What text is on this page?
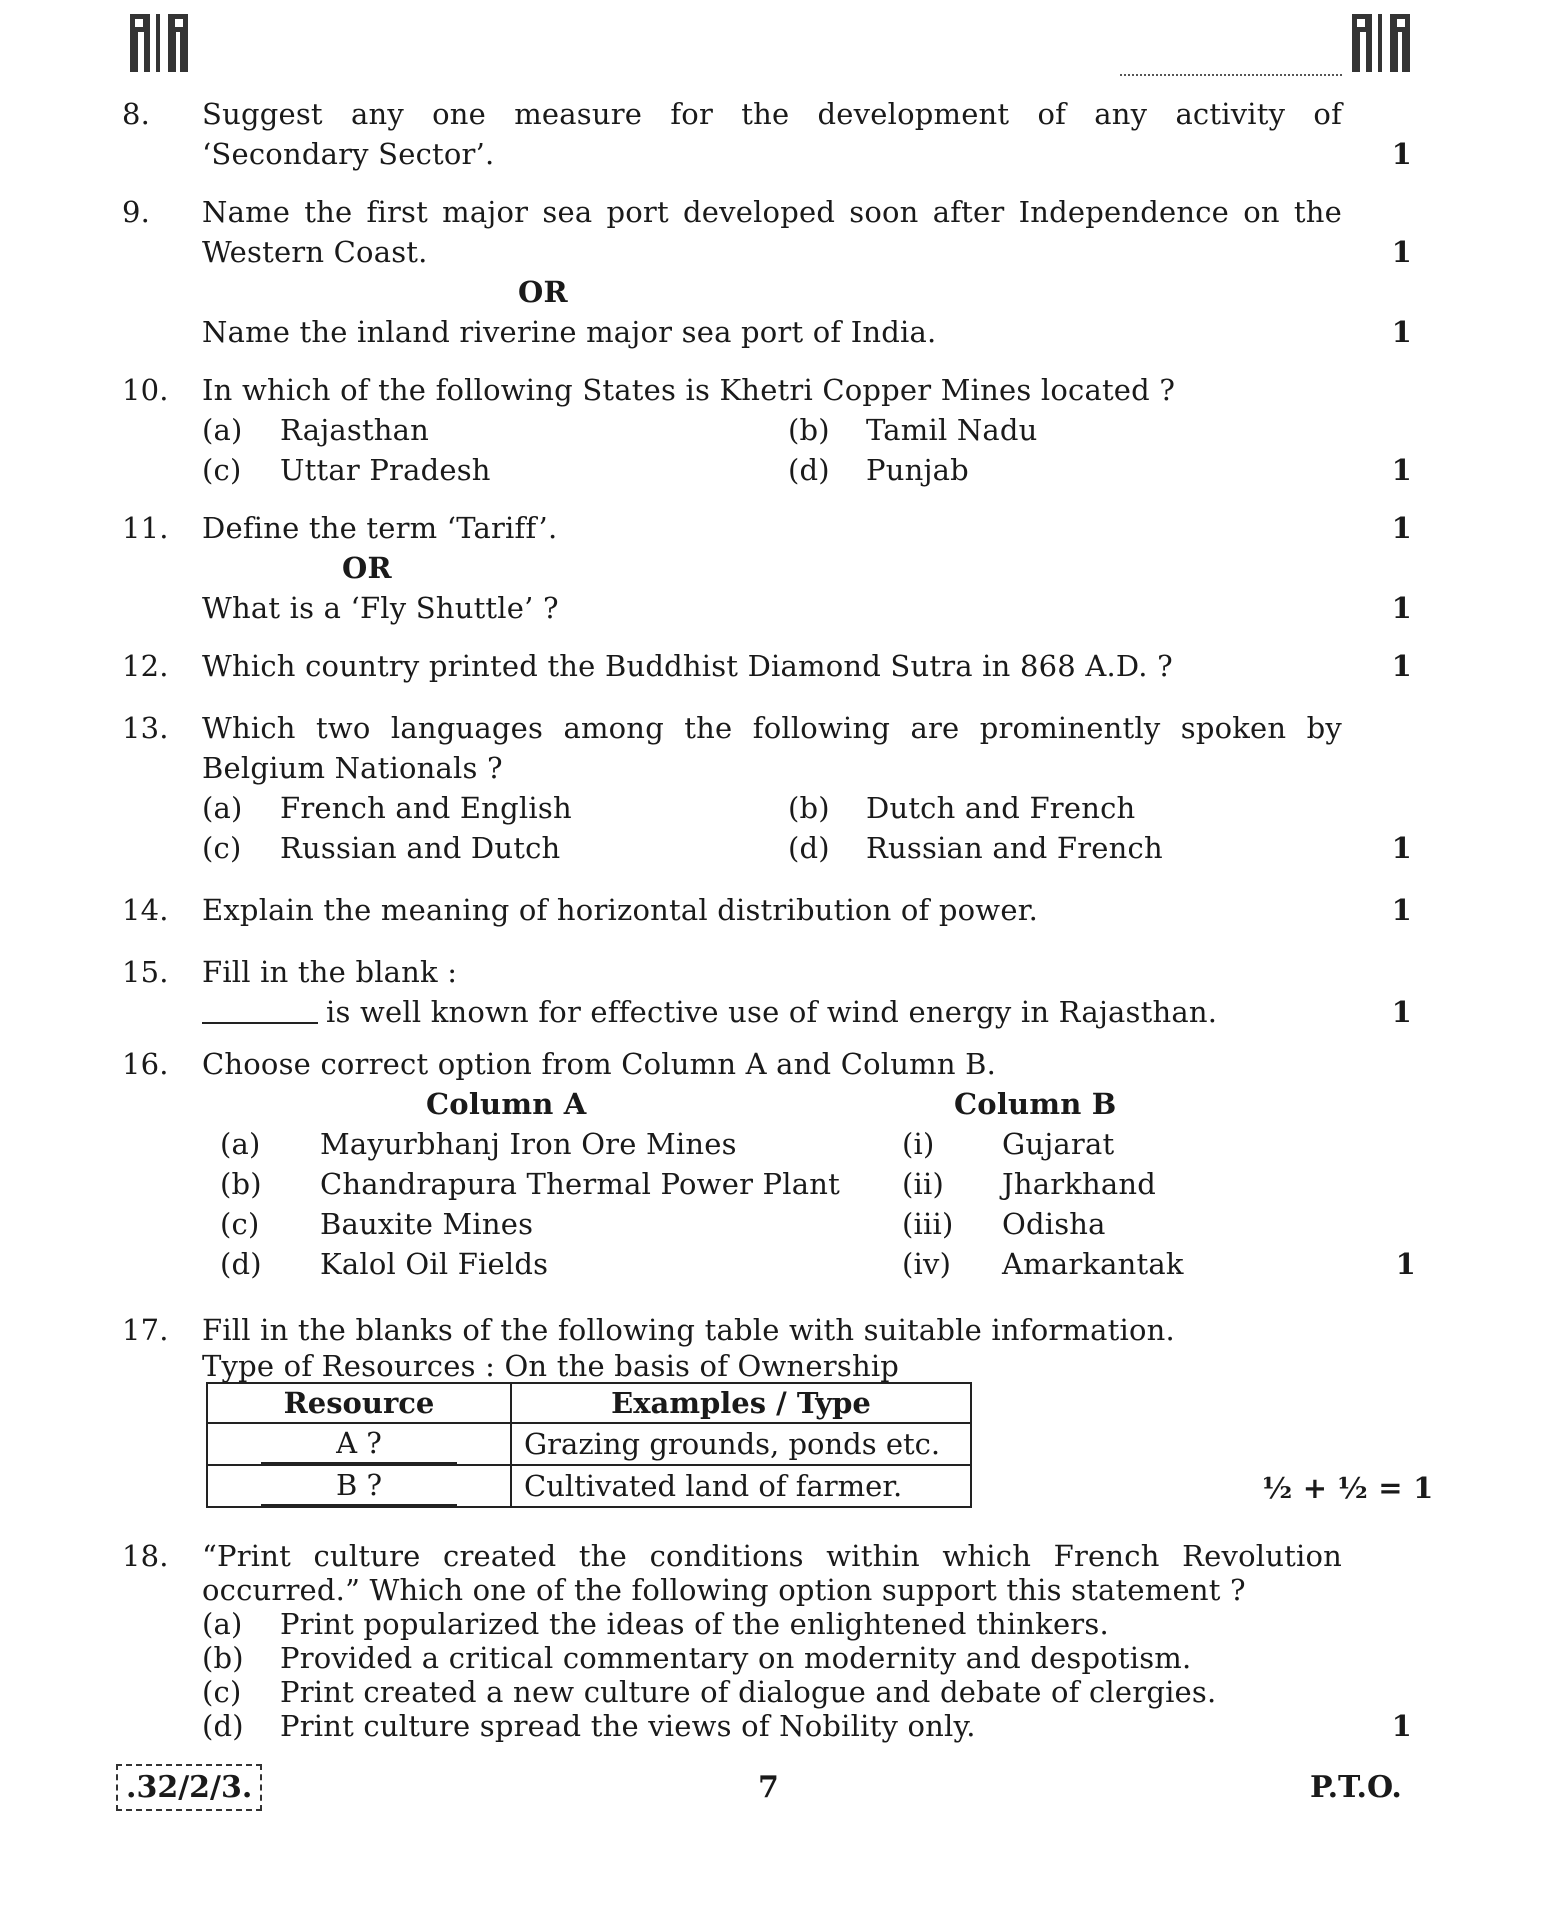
8. Suggest any one measure for the development of any activity of
‘Secondary Sector’.	1
9. Name the first major sea port developed soon after Independence on the
Western Coast.	1
OR
Name the inland riverine major sea port of India.	1
10. In which of the following States is Khetri Copper Mines located ?
(a) Rajasthan	(b) Tamil Nadu
(c) Uttar Pradesh	(d) Punjab	1
11. Define the term ‘Tariff’.	1
OR
What is a ‘Fly Shuttle’ ?	1
12. Which country printed the Buddhist Diamond Sutra in 868 A.D. ?	1
13. Which two languages among the following are prominently spoken by
Belgium Nationals ?
(a) French and English	(b) Dutch and French
(c) Russian and Dutch	(d) Russian and French	1
14. Explain the meaning of horizontal distribution of power.	1
15. Fill in the blank :
is well known for effective use of wind energy in Rajasthan.	1
16. Choose correct option from Column A and Column B.
Column A	Column B
(a) Mayurbhanj Iron Ore Mines	(i) Gujarat
(b) Chandrapura Thermal Power Plant (ii) Jharkhand
(c) Bauxite Mines	(iii) Odisha
(d) Kalol Oil Fields	(iv) Amarkantak	1
17. Fill in the blanks of the following table with suitable information.
Type of Resources : On the basis of Ownership
Resource	Examples / Type
A ?	Grazing grounds, ponds etc.
B ?	Cultivated land of farmer.	½ + ½ = 1
18. “Print culture created the conditions within which French Revolution
occurred.” Which one of the following option support this statement ?
(a) Print popularized the ideas of the enlightened thinkers.
(b) Provided a critical commentary on modernity and despotism.
(c) Print created a new culture of dialogue and debate of clergies.
(d) Print culture spread the views of Nobility only.	1
.32/2/3.	7	P.T.O.
